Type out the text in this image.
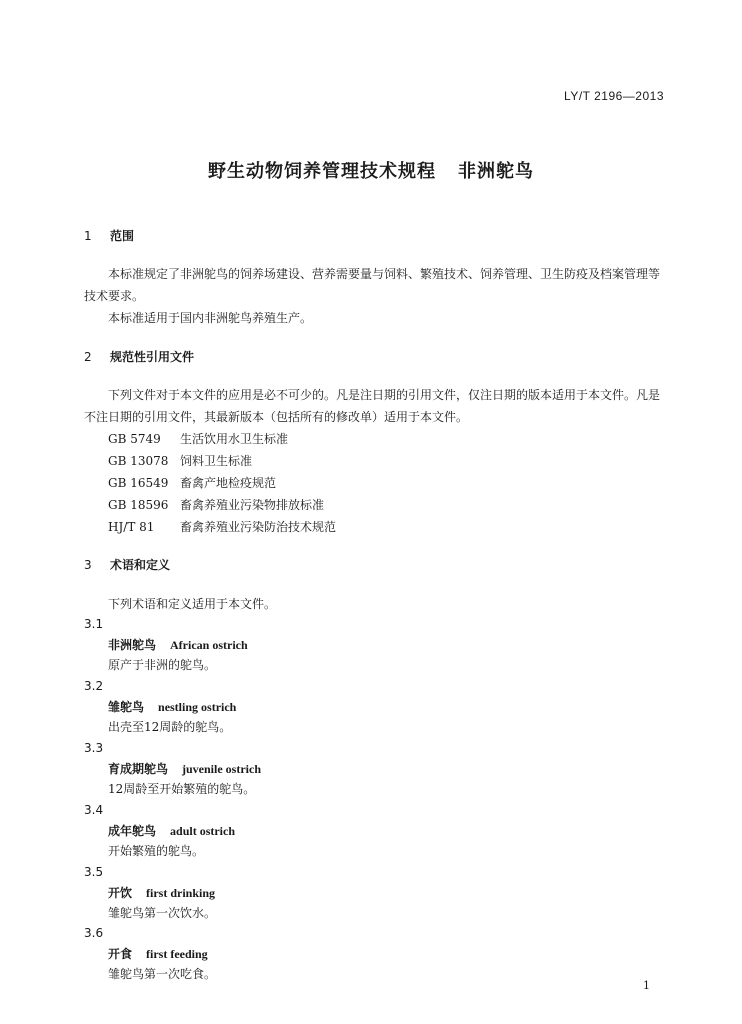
LY/T 2196—2013
野生动物饲养管理技术规程 非洲鸵鸟
1 范围
本标准规定了非洲鸵鸟的饲养场建设、营养需要量与饲料、繁殖技术、饲养管理、卫生防疫及档案管理等技术要求。
本标准适用于国内非洲鸵鸟养殖生产。
2 规范性引用文件
下列文件对于本文件的应用是必不可少的。凡是注日期的引用文件，仅注日期的版本适用于本文件。凡是不注日期的引用文件，其最新版本（包括所有的修改单）适用于本文件。
GB 5749 生活饮用水卫生标准
GB 13078 饲料卫生标准
GB 16549 畜禽产地检疫规范
GB 18596 畜禽养殖业污染物排放标准
HJ/T 81 畜禽养殖业污染防治技术规范
3 术语和定义
下列术语和定义适用于本文件。
3.1
非洲鸵鸟 African ostrich
原产于非洲的鸵鸟。
3.2
雏鸵鸟 nestling ostrich
出壳至12周龄的鸵鸟。
3.3
育成期鸵鸟 juvenile ostrich
12周龄至开始繁殖的鸵鸟。
3.4
成年鸵鸟 adult ostrich
开始繁殖的鸵鸟。
3.5
开饮 first drinking
雏鸵鸟第一次饮水。
3.6
开食 first feeding
雏鸵鸟第一次吃食。
1
